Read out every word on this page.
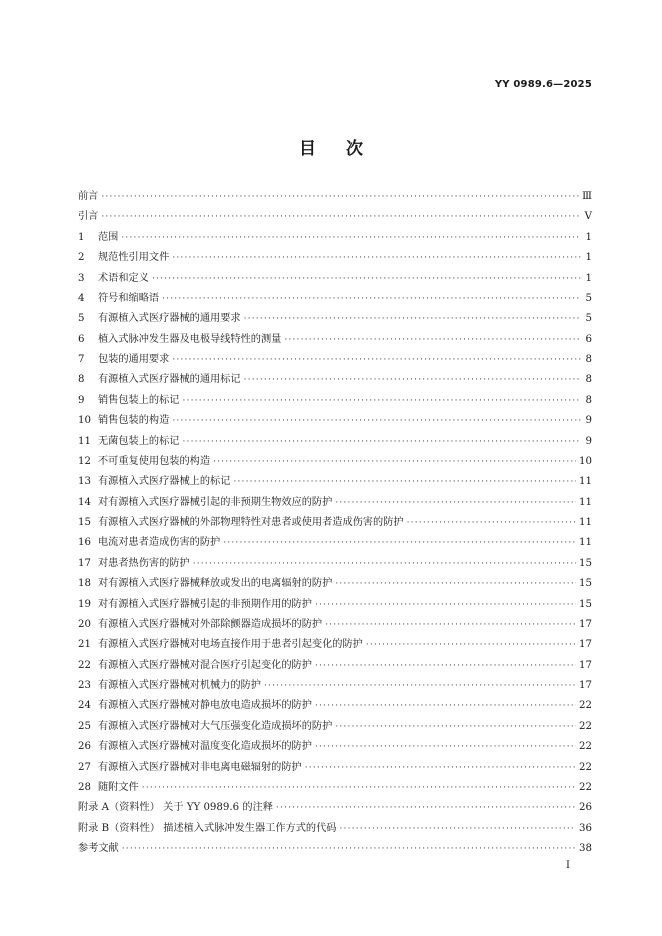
YY 0989.6—2025
目次
前言 ·····	Ⅲ
引言 ·····	Ⅴ
1	范围 ·····	1
2	规范性引用文件 ·····	1
3	术语和定义 ·····	1
4	符号和缩略语 ·····	5
5	有源植入式医疗器械的通用要求 ·····	5
6	植入式脉冲发生器及电极导线特性的测量 ·····	6
7	包装的通用要求 ·····	8
8	有源植入式医疗器械的通用标记 ·····	8
9	销售包装上的标记 ·····	8
10 销售包装的构造 ·····	9
11 无菌包装上的标记 ·····	9
12 不可重复使用包装的构造 ·····	10
13 有源植入式医疗器械上的标记 ·····	11
14 对有源植入式医疗器械引起的非预期生物效应的防护 ·····	11
15 有源植入式医疗器械的外部物理特性对患者或使用者造成伤害的防护 ·····	11
16 电流对患者造成伤害的防护 ·····	11
17 对患者热伤害的防护 ·····	15
18 对有源植入式医疗器械释放或发出的电离辐射的防护 ·····	15
19 对有源植入式医疗器械引起的非预期作用的防护 ·····	15
20 有源植入式医疗器械对外部除颤器造成损坏的防护 ·····	17
21 有源植入式医疗器械对电场直接作用于患者引起变化的防护 ·····	17
22 有源植入式医疗器械对混合医疗引起变化的防护 ·····	17
23 有源植入式医疗器械对机械力的防护 ·····	17
24 有源植入式医疗器械对静电放电造成损坏的防护 ·····	22
25 有源植入式医疗器械对大气压强变化造成损坏的防护 ·····	22
26 有源植入式医疗器械对温度变化造成损坏的防护 ·····	22
27 有源植入式医疗器械对非电离电磁辐射的防护 ·····	22
28 随附文件 ·····	22
附录 A（资料性） 关于 YY 0989.6 的注释 ·····	26
附录 B（资料性） 描述植入式脉冲发生器工作方式的代码 ·····	36
参考文献 ·····	38
Ⅰ
